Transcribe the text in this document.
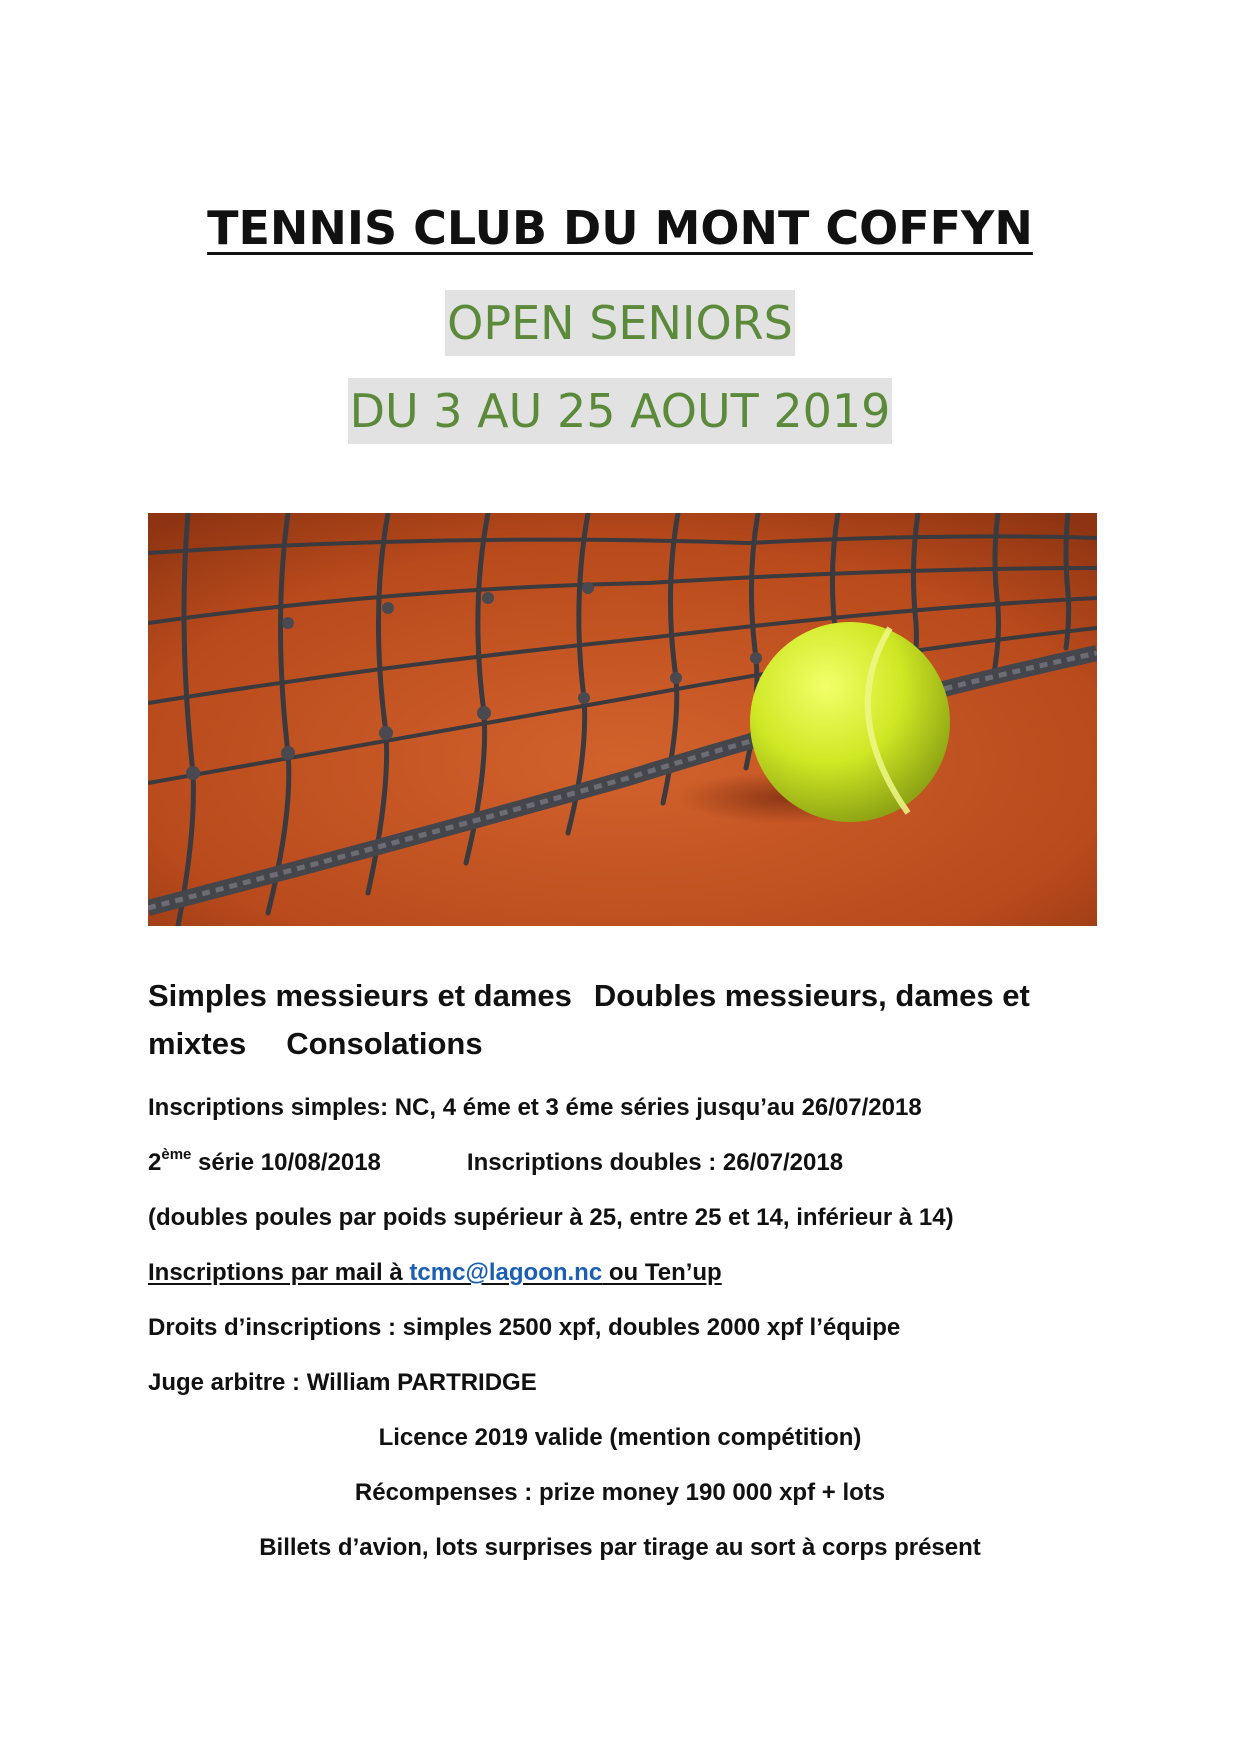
TENNIS CLUB DU MONT COFFYN
OPEN SENIORS
DU 3 AU 25 AOUT 2019
Simples messieurs et dames Doubles messieurs, dames et
mixtes Consolations
Inscriptions simples: NC, 4 éme et 3 éme séries jusqu’au 26/07/2018
2ème série 10/08/2018	Inscriptions doubles : 26/07/2018
(doubles poules par poids supérieur à 25, entre 25 et 14, inférieur à 14)
Inscriptions par mail à tcmc@lagoon.nc ou Ten’up
Droits d’inscriptions : simples 2500 xpf, doubles 2000 xpf l’équipe
Juge arbitre : William PARTRIDGE
Licence 2019 valide (mention compétition)
Récompenses : prize money 190 000 xpf + lots
Billets d’avion, lots surprises par tirage au sort à corps présent
